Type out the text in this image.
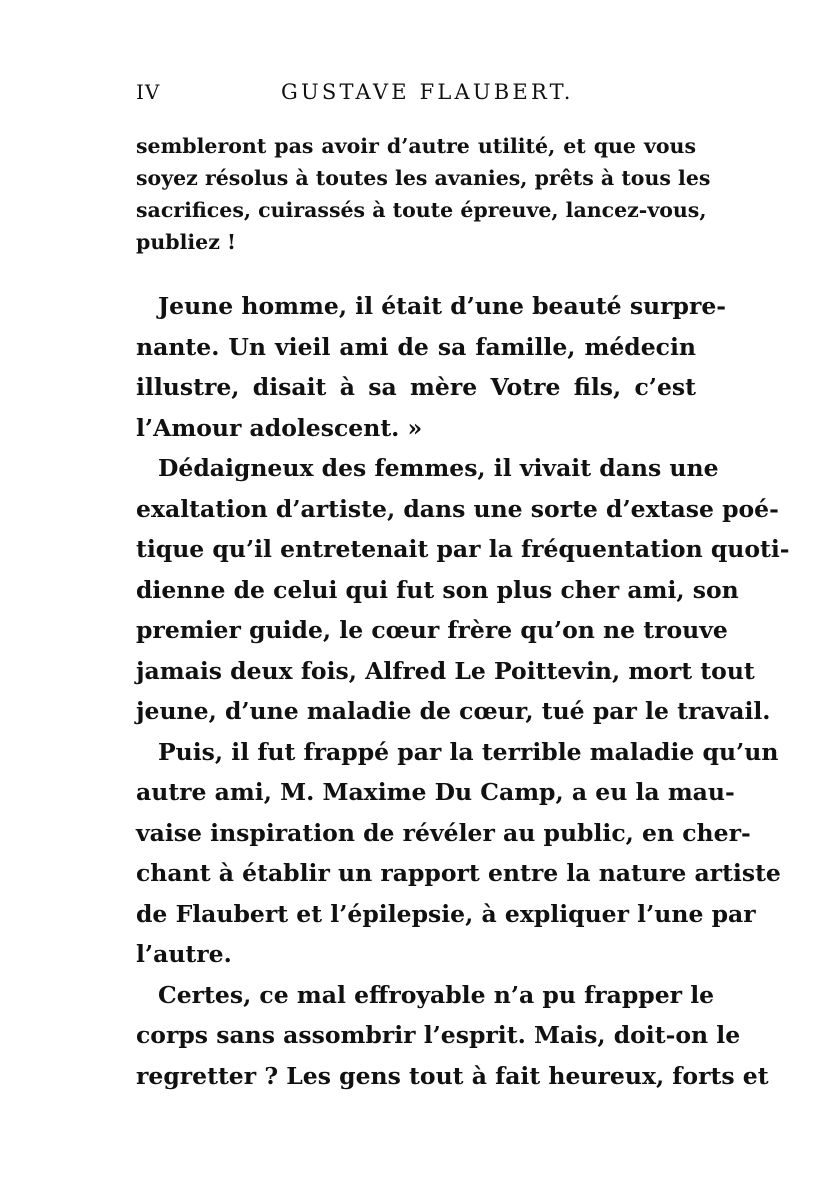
IV	GUSTAVE FLAUBERT.
sembleront pas avoir d’autre utilité, et que vous
soyez résolus à toutes les avanies, prêts à tous les
sacrifices, cuirassés à toute épreuve, lancez-vous,
publiez !
Jeune homme, il était d’une beauté surpre-
nante. Un vieil ami de sa famille, médecin
illustre, disait à sa mère Votre fils, c’est
l’Amour adolescent. »
Dédaigneux des femmes, il vivait dans une
exaltation d’artiste, dans une sorte d’extase poé-
tique qu’il entretenait par la fréquentation quoti-
dienne de celui qui fut son plus cher ami, son
premier guide, le cœur frère qu’on ne trouve
jamais deux fois, Alfred Le Poittevin, mort tout
jeune, d’une maladie de cœur, tué par le travail.
Puis, il fut frappé par la terrible maladie qu’un
autre ami, M. Maxime Du Camp, a eu la mau-
vaise inspiration de révéler au public, en cher-
chant à établir un rapport entre la nature artiste
de Flaubert et l’épilepsie, à expliquer l’une par
l’autre.
Certes, ce mal effroyable n’a pu frapper le
corps sans assombrir l’esprit. Mais, doit-on le
regretter ? Les gens tout à fait heureux, forts et
